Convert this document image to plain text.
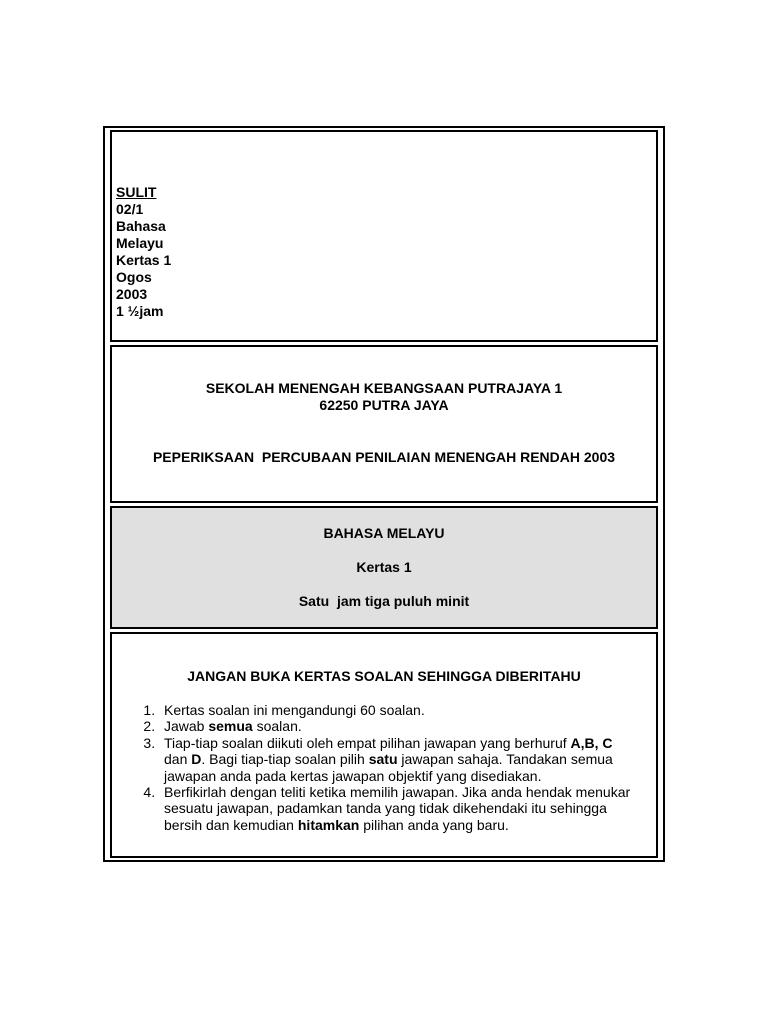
SULIT
02/1
Bahasa
Melayu
Kertas 1
Ogos
2003
1 ½jam
SEKOLAH MENENGAH KEBANGSAAN PUTRAJAYA 1
62250 PUTRA JAYA
PEPERIKSAAN  PERCUBAAN PENILAIAN MENENGAH RENDAH 2003
BAHASA MELAYU
Kertas 1
Satu  jam tiga puluh minit
JANGAN BUKA KERTAS SOALAN SEHINGGA DIBERITAHU
1. Kertas soalan ini mengandungi 60 soalan.
2. Jawab semua soalan.
3. Tiap-tiap soalan diikuti oleh empat pilihan jawapan yang berhuruf A,B, C dan D. Bagi tiap-tiap soalan pilih satu jawapan sahaja. Tandakan semua jawapan anda pada kertas jawapan objektif yang disediakan.
4. Berfikirlah dengan teliti ketika memilih jawapan. Jika anda hendak menukar sesuatu jawapan, padamkan tanda yang tidak dikehendaki itu sehingga bersih dan kemudian hitamkan pilihan anda yang baru.
